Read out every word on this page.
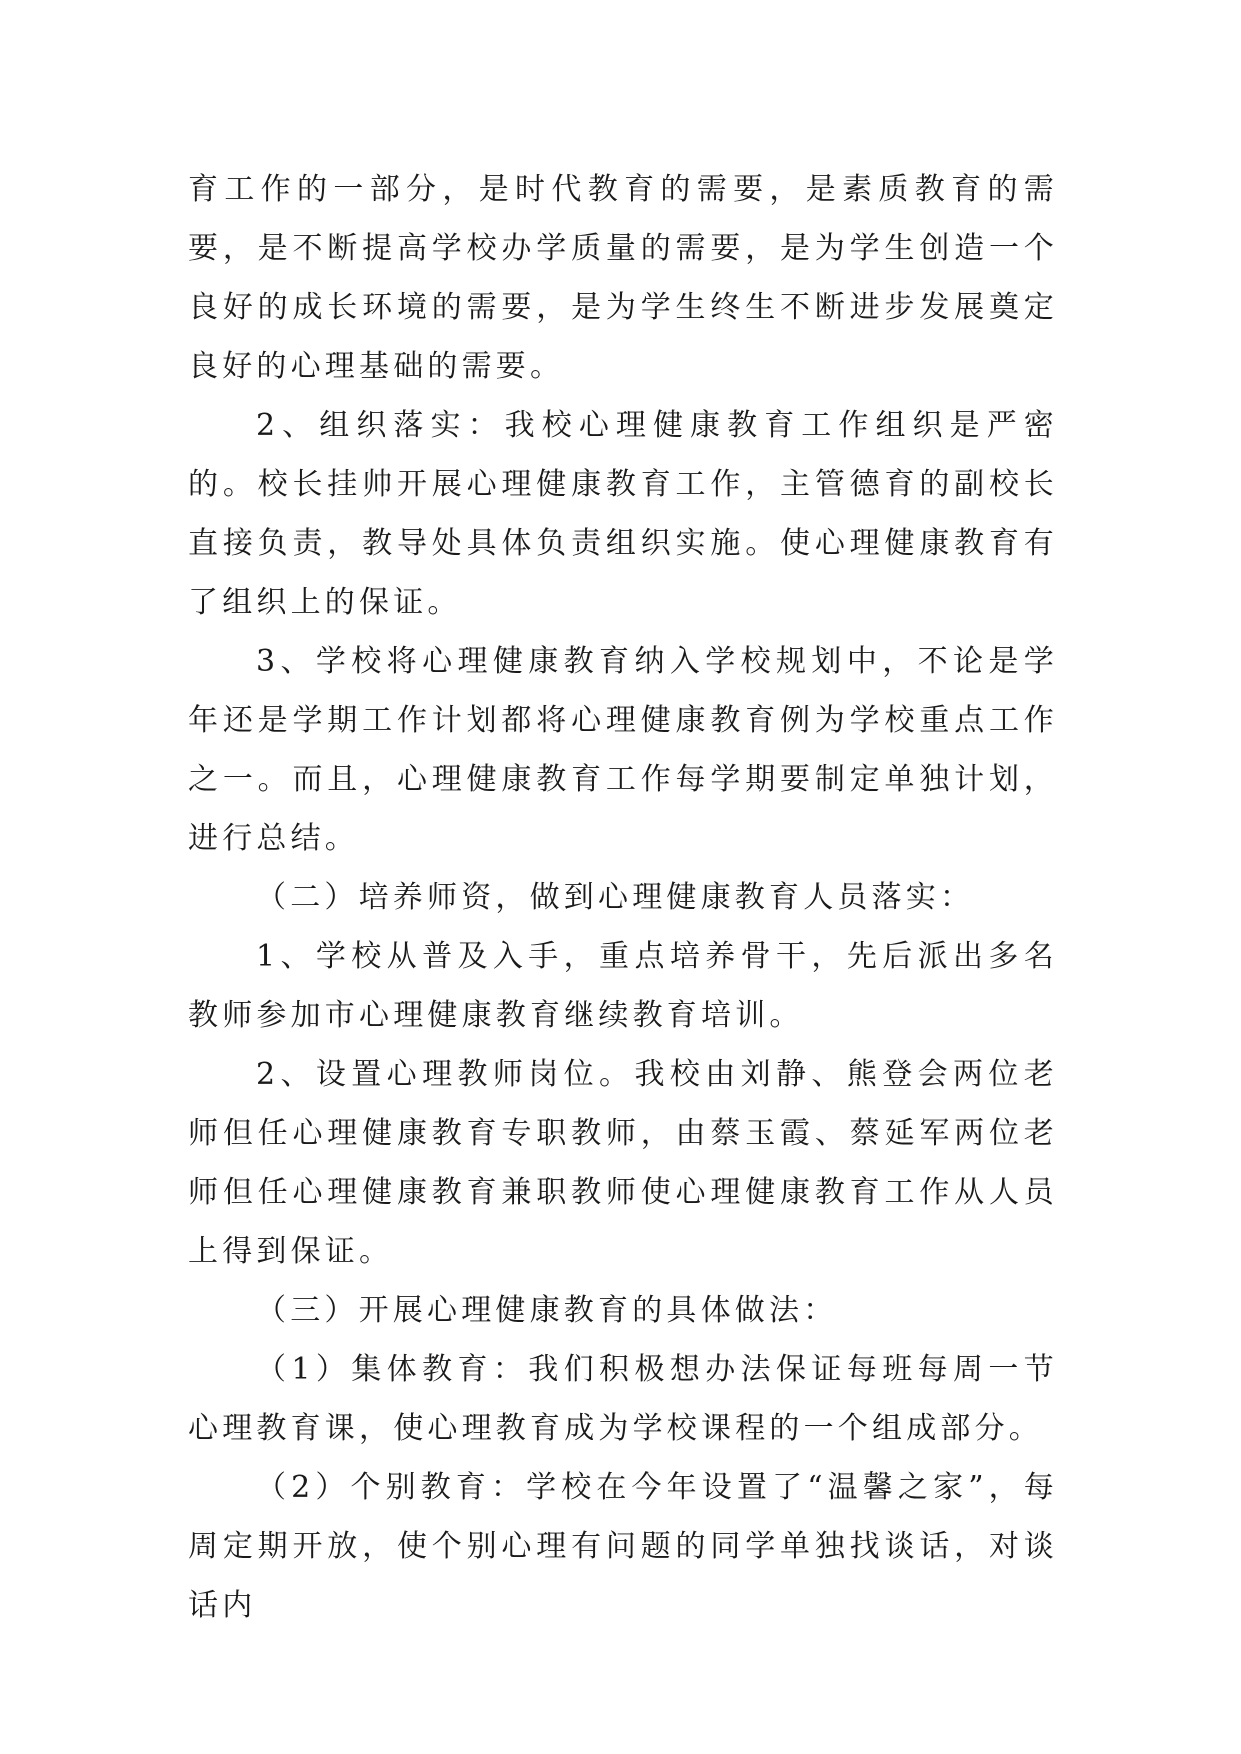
育工作的一部分，是时代教育的需要，是素质教育的需要，是不断提高学校办学质量的需要，是为学生创造一个良好的成长环境的需要，是为学生终生不断进步发展奠定良好的心理基础的需要。

2、组织落实：我校心理健康教育工作组织是严密的。校长挂帅开展心理健康教育工作，主管德育的副校长直接负责，教导处具体负责组织实施。使心理健康教育有了组织上的保证。

3、学校将心理健康教育纳入学校规划中，不论是学年还是学期工作计划都将心理健康教育例为学校重点工作之一。而且，心理健康教育工作每学期要制定单独计划，进行总结。

（二）培养师资，做到心理健康教育人员落实：

1、学校从普及入手，重点培养骨干，先后派出多名教师参加市心理健康教育继续教育培训。

2、设置心理教师岗位。我校由刘静、熊登会两位老师但任心理健康教育专职教师，由蔡玉霞、蔡延军两位老师但任心理健康教育兼职教师使心理健康教育工作从人员上得到保证。

（三）开展心理健康教育的具体做法：

（1）集体教育：我们积极想办法保证每班每周一节心理教育课，使心理教育成为学校课程的一个组成部分。

（2）个别教育：学校在今年设置了“温馨之家”，每周定期开放，使个别心理有问题的同学单独找谈话，对谈话内
